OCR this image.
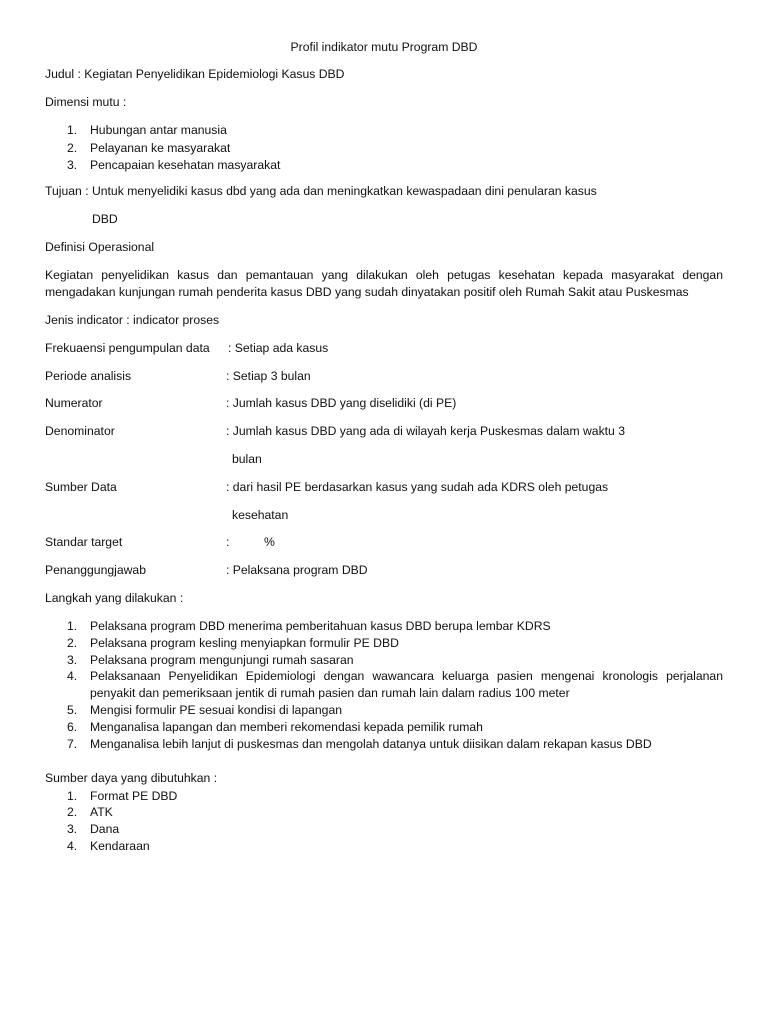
Profil indikator mutu Program DBD
Judul : Kegiatan Penyelidikan Epidemiologi Kasus DBD
Dimensi mutu :
1.	Hubungan antar manusia
2.	Pelayanan ke masyarakat
3.	Pencapaian kesehatan masyarakat
Tujuan : Untuk menyelidiki kasus dbd yang ada dan meningkatkan kewaspadaan dini penularan kasus
DBD
Definisi Operasional
Kegiatan penyelidikan kasus dan pemantauan yang dilakukan oleh petugas kesehatan kepada masyarakat dengan
mengadakan kunjungan rumah penderita kasus DBD yang sudah dinyatakan positif oleh Rumah Sakit atau Puskesmas
Jenis indicator : indicator proses
Frekuaensi pengumpulan data : Setiap ada kasus
Periode analisis	: Setiap 3 bulan
Numerator	: Jumlah kasus DBD yang diselidiki (di PE)
Denominator	: Jumlah kasus DBD yang ada di wilayah kerja Puskesmas dalam waktu 3
bulan
Sumber Data	: dari hasil PE berdasarkan kasus yang sudah ada KDRS oleh petugas
kesehatan
Standar target	:	%
Penanggungjawab	: Pelaksana program DBD
Langkah yang dilakukan :
1.	Pelaksana program DBD menerima pemberitahuan kasus DBD berupa lembar KDRS
2.	Pelaksana program kesling menyiapkan formulir PE DBD
3.	Pelaksana program mengunjungi rumah sasaran
4.	Pelaksanaan Penyelidikan Epidemiologi dengan wawancara keluarga pasien mengenai kronologis perjalanan
penyakit dan pemeriksaan jentik di rumah pasien dan rumah lain dalam radius 100 meter
5.	Mengisi formulir PE sesuai kondisi di lapangan
6.	Menganalisa lapangan dan memberi rekomendasi kepada pemilik rumah
7.	Menganalisa lebih lanjut di puskesmas dan mengolah datanya untuk diisikan dalam rekapan kasus DBD
Sumber daya yang dibutuhkan :
1.	Format PE DBD
2.	ATK
3.	Dana
4.	Kendaraan
